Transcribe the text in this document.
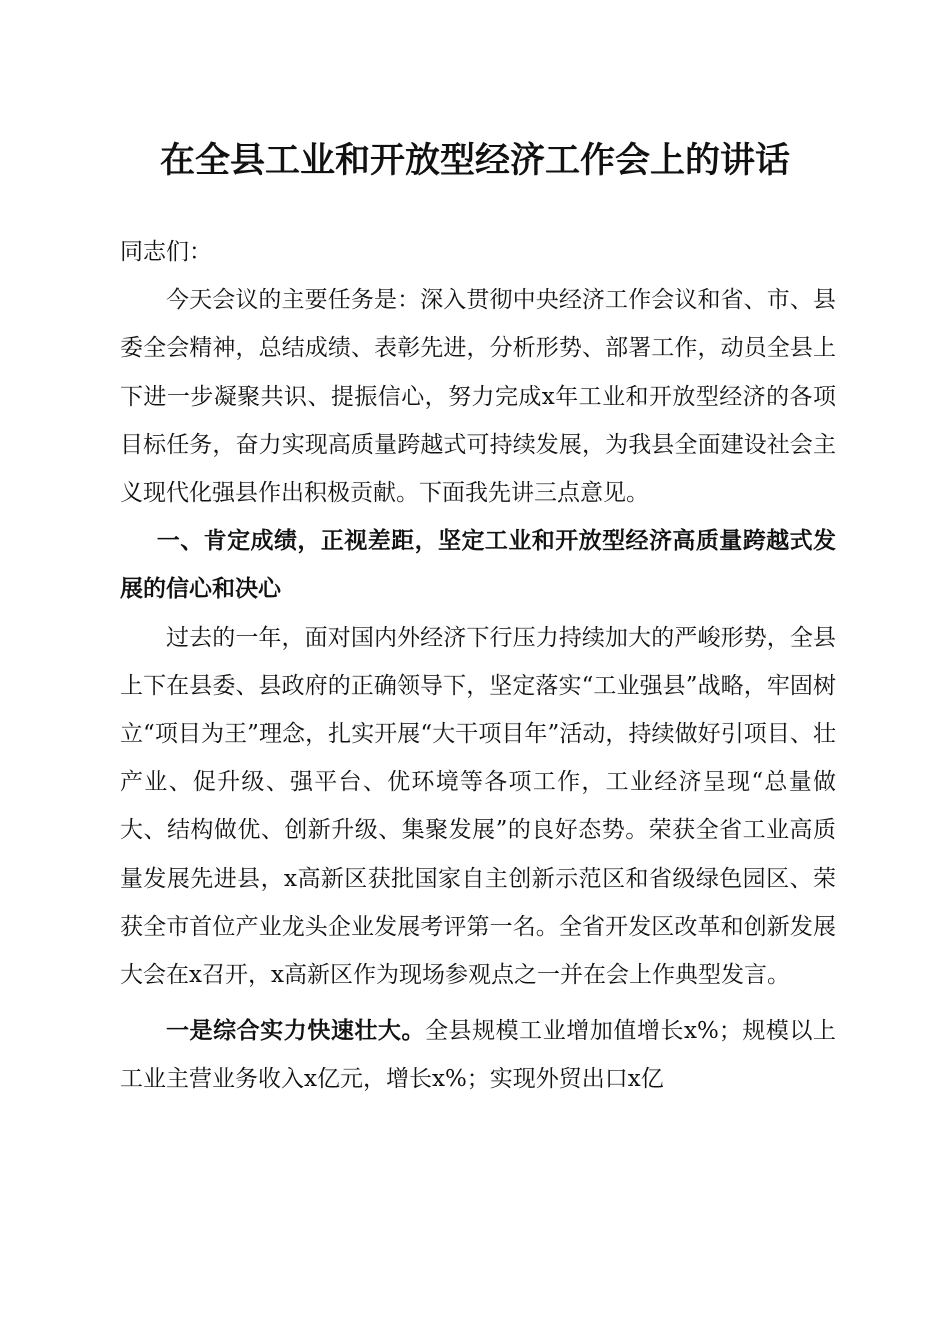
在全县工业和开放型经济工作会上的讲话

同志们：

今天会议的主要任务是：深入贯彻中央经济工作会议和省、市、县委全会精神，总结成绩、表彰先进，分析形势、部署工作，动员全县上下进一步凝聚共识、提振信心，努力完成x年工业和开放型经济的各项目标任务，奋力实现高质量跨越式可持续发展，为我县全面建设社会主义现代化强县作出积极贡献。下面我先讲三点意见。

一、肯定成绩，正视差距，坚定工业和开放型经济高质量跨越式发展的信心和决心

过去的一年，面对国内外经济下行压力持续加大的严峻形势，全县上下在县委、县政府的正确领导下，坚定落实“工业强县”战略，牢固树立“项目为王”理念，扎实开展“大干项目年”活动，持续做好引项目、壮产业、促升级、强平台、优环境等各项工作，工业经济呈现“总量做大、结构做优、创新升级、集聚发展”的良好态势。荣获全省工业高质量发展先进县，x高新区获批国家自主创新示范区和省级绿色园区、荣获全市首位产业龙头企业发展考评第一名。全省开发区改革和创新发展大会在x召开，x高新区作为现场参观点之一并在会上作典型发言。

一是综合实力快速壮大。全县规模工业增加值增长x%；规模以上工业主营业务收入x亿元，增长x%；实现外贸出口x亿
